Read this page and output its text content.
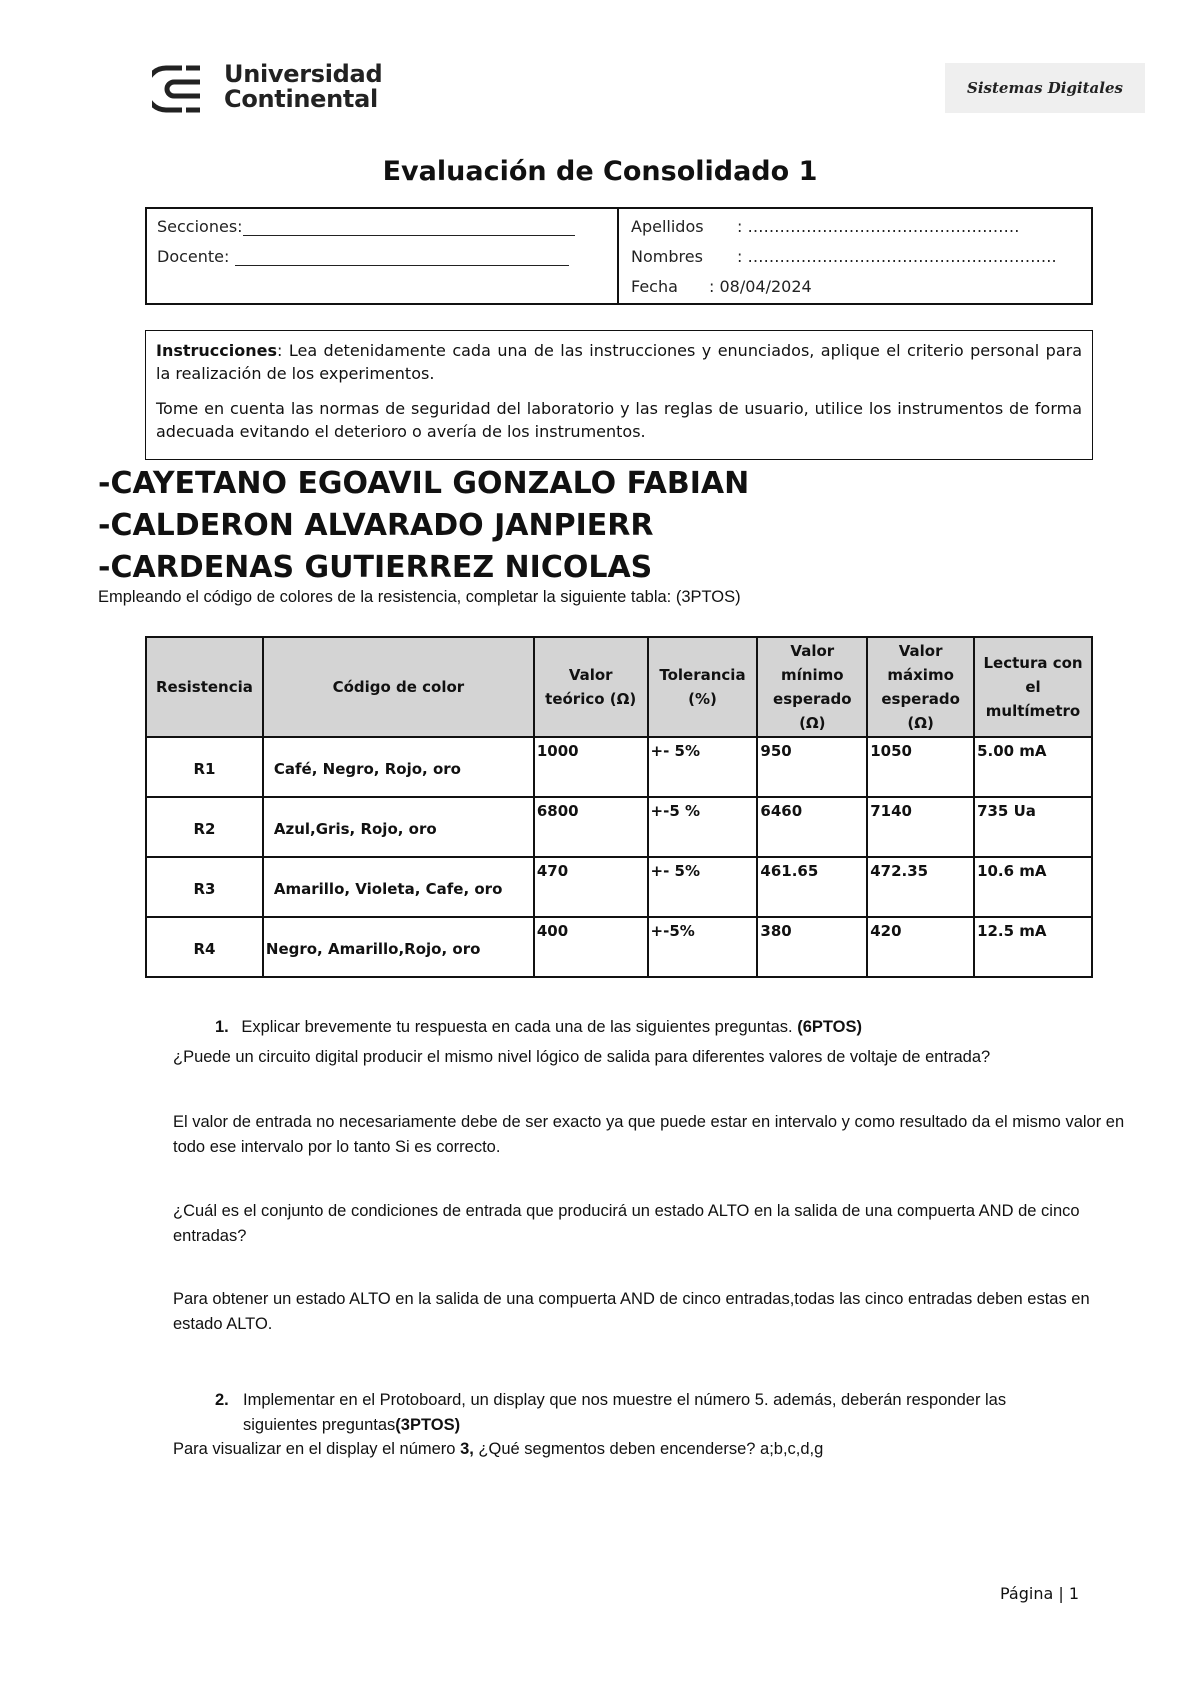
Universidad
Continental	Sistemas Digitales
Evaluación de Consolidado 1
Secciones:
Docente:
Apellidos : ……………………………………………
Nombres : ………………………………………………….
Fecha : 08/04/2024

Instrucciones: Lea detenidamente cada una de las instrucciones y enunciados, aplique el criterio personal para la realización de los experimentos.

Tome en cuenta las normas de seguridad del laboratorio y las reglas de usuario, utilice los instrumentos de forma adecuada evitando el deterioro o avería de los instrumentos.

-CAYETANO EGOAVIL GONZALO FABIAN
-CALDERON ALVARADO JANPIERR
-CARDENAS GUTIERREZ NICOLAS
Empleando el código de colores de la resistencia, completar la siguiente tabla: (3PTOS)
Resistencia	Código de color	Valor teórico (Ω)	Tolerancia (%)	Valor mínimo esperado (Ω)	Valor máximo esperado (Ω)	Lectura con el multímetro
R1	Café, Negro, Rojo, oro	1000	+- 5%	950	1050	5.00 mA
R2	Azul,Gris, Rojo, oro	6800	+-5 %	6460	7140	735 Ua
R3	Amarillo, Violeta, Cafe, oro	470	+- 5%	461.65	472.35	10.6 mA
R4	Negro, Amarillo,Rojo, oro	400	+-5%	380	420	12.5 mA
1. Explicar brevemente tu respuesta en cada una de las siguientes preguntas. (6PTOS)
¿Puede un circuito digital producir el mismo nivel lógico de salida para diferentes valores de voltaje de entrada?
El valor de entrada no necesariamente debe de ser exacto ya que puede estar en intervalo y como resultado da el mismo valor en todo ese intervalo por lo tanto Si es correcto.
¿Cuál es el conjunto de condiciones de entrada que producirá un estado ALTO en la salida de una compuerta AND de cinco entradas?
Para obtener un estado ALTO en la salida de una compuerta AND de cinco entradas,todas las cinco entradas deben estas en estado ALTO.
2. Implementar en el Protoboard, un display que nos muestre el número 5. además, deberán responder las siguientes preguntas(3PTOS)
Para visualizar en el display el número 3, ¿Qué segmentos deben encenderse? a;b,c,d,g
Página | 1
